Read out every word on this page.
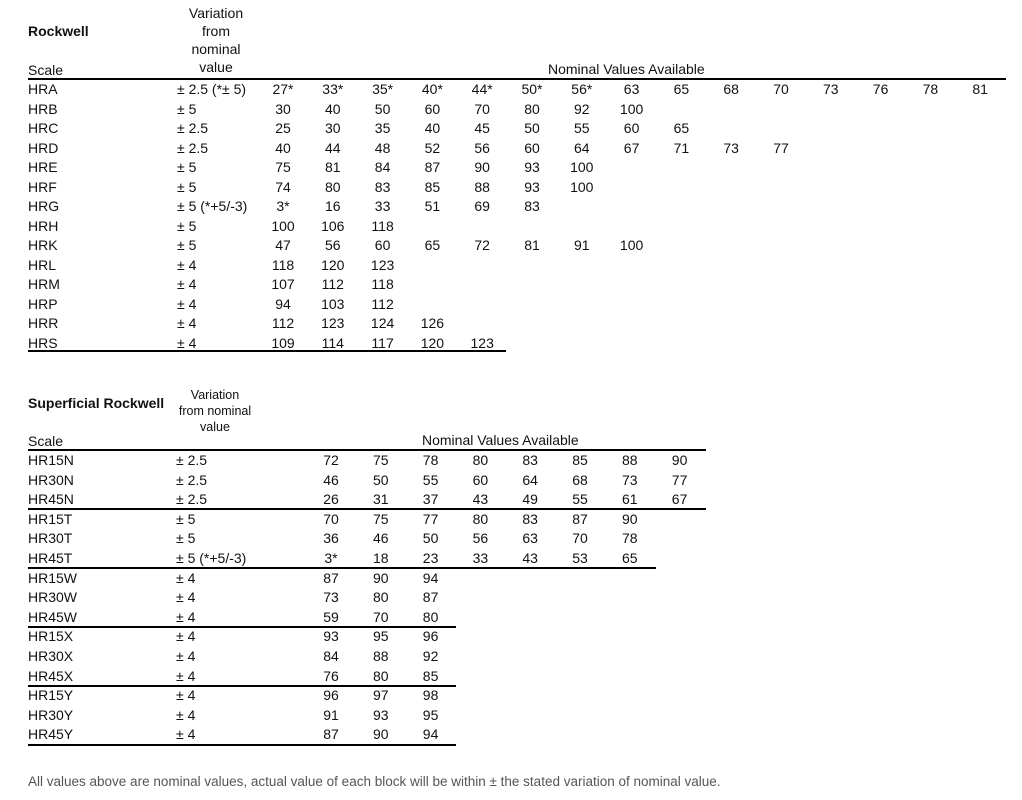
Rockwell
Variation
from
nominal
value
Scale	Nominal Values Available
HRA	± 2.5 (*± 5)	27*	33*	35*	40*	44*	50*	56*	63	65	68	70	73	76	78	81
HRB	± 5	30	40	50	60	70	80	92	100
HRC	± 2.5	25	30	35	40	45	50	55	60	65
HRD	± 2.5	40	44	48	52	56	60	64	67	71	73	77
HRE	± 5	75	81	84	87	90	93	100
HRF	± 5	74	80	83	85	88	93	100
HRG	± 5 (*+5/-3)	3*	16	33	51	69	83
HRH	± 5	100	106	118
HRK	± 5	47	56	60	65	72	81	91	100
HRL	± 4	118	120	123
HRM	± 4	107	112	118
HRP	± 4	94	103	112
HRR	± 4	112	123	124	126
HRS	± 4	109	114	117	120	123
Superficial Rockwell	Variation
from nominal
value
Scale	Nominal Values Available
HR15N	± 2.5	72	75	78	80	83	85	88	90
HR30N	± 2.5	46	50	55	60	64	68	73	77
HR45N	± 2.5	26	31	37	43	49	55	61	67
HR15T	± 5	70	75	77	80	83	87	90
HR30T	± 5	36	46	50	56	63	70	78
HR45T	± 5 (*+5/-3)	3*	18	23	33	43	53	65
HR15W	± 4	87	90	94
HR30W	± 4	73	80	87
HR45W	± 4	59	70	80
HR15X	± 4	93	95	96
HR30X	± 4	84	88	92
HR45X	± 4	76	80	85
HR15Y	± 4	96	97	98
HR30Y	± 4	91	93	95
HR45Y	± 4	87	90	94
All values above are nominal values, actual value of each block will be within ± the stated variation of nominal value.
